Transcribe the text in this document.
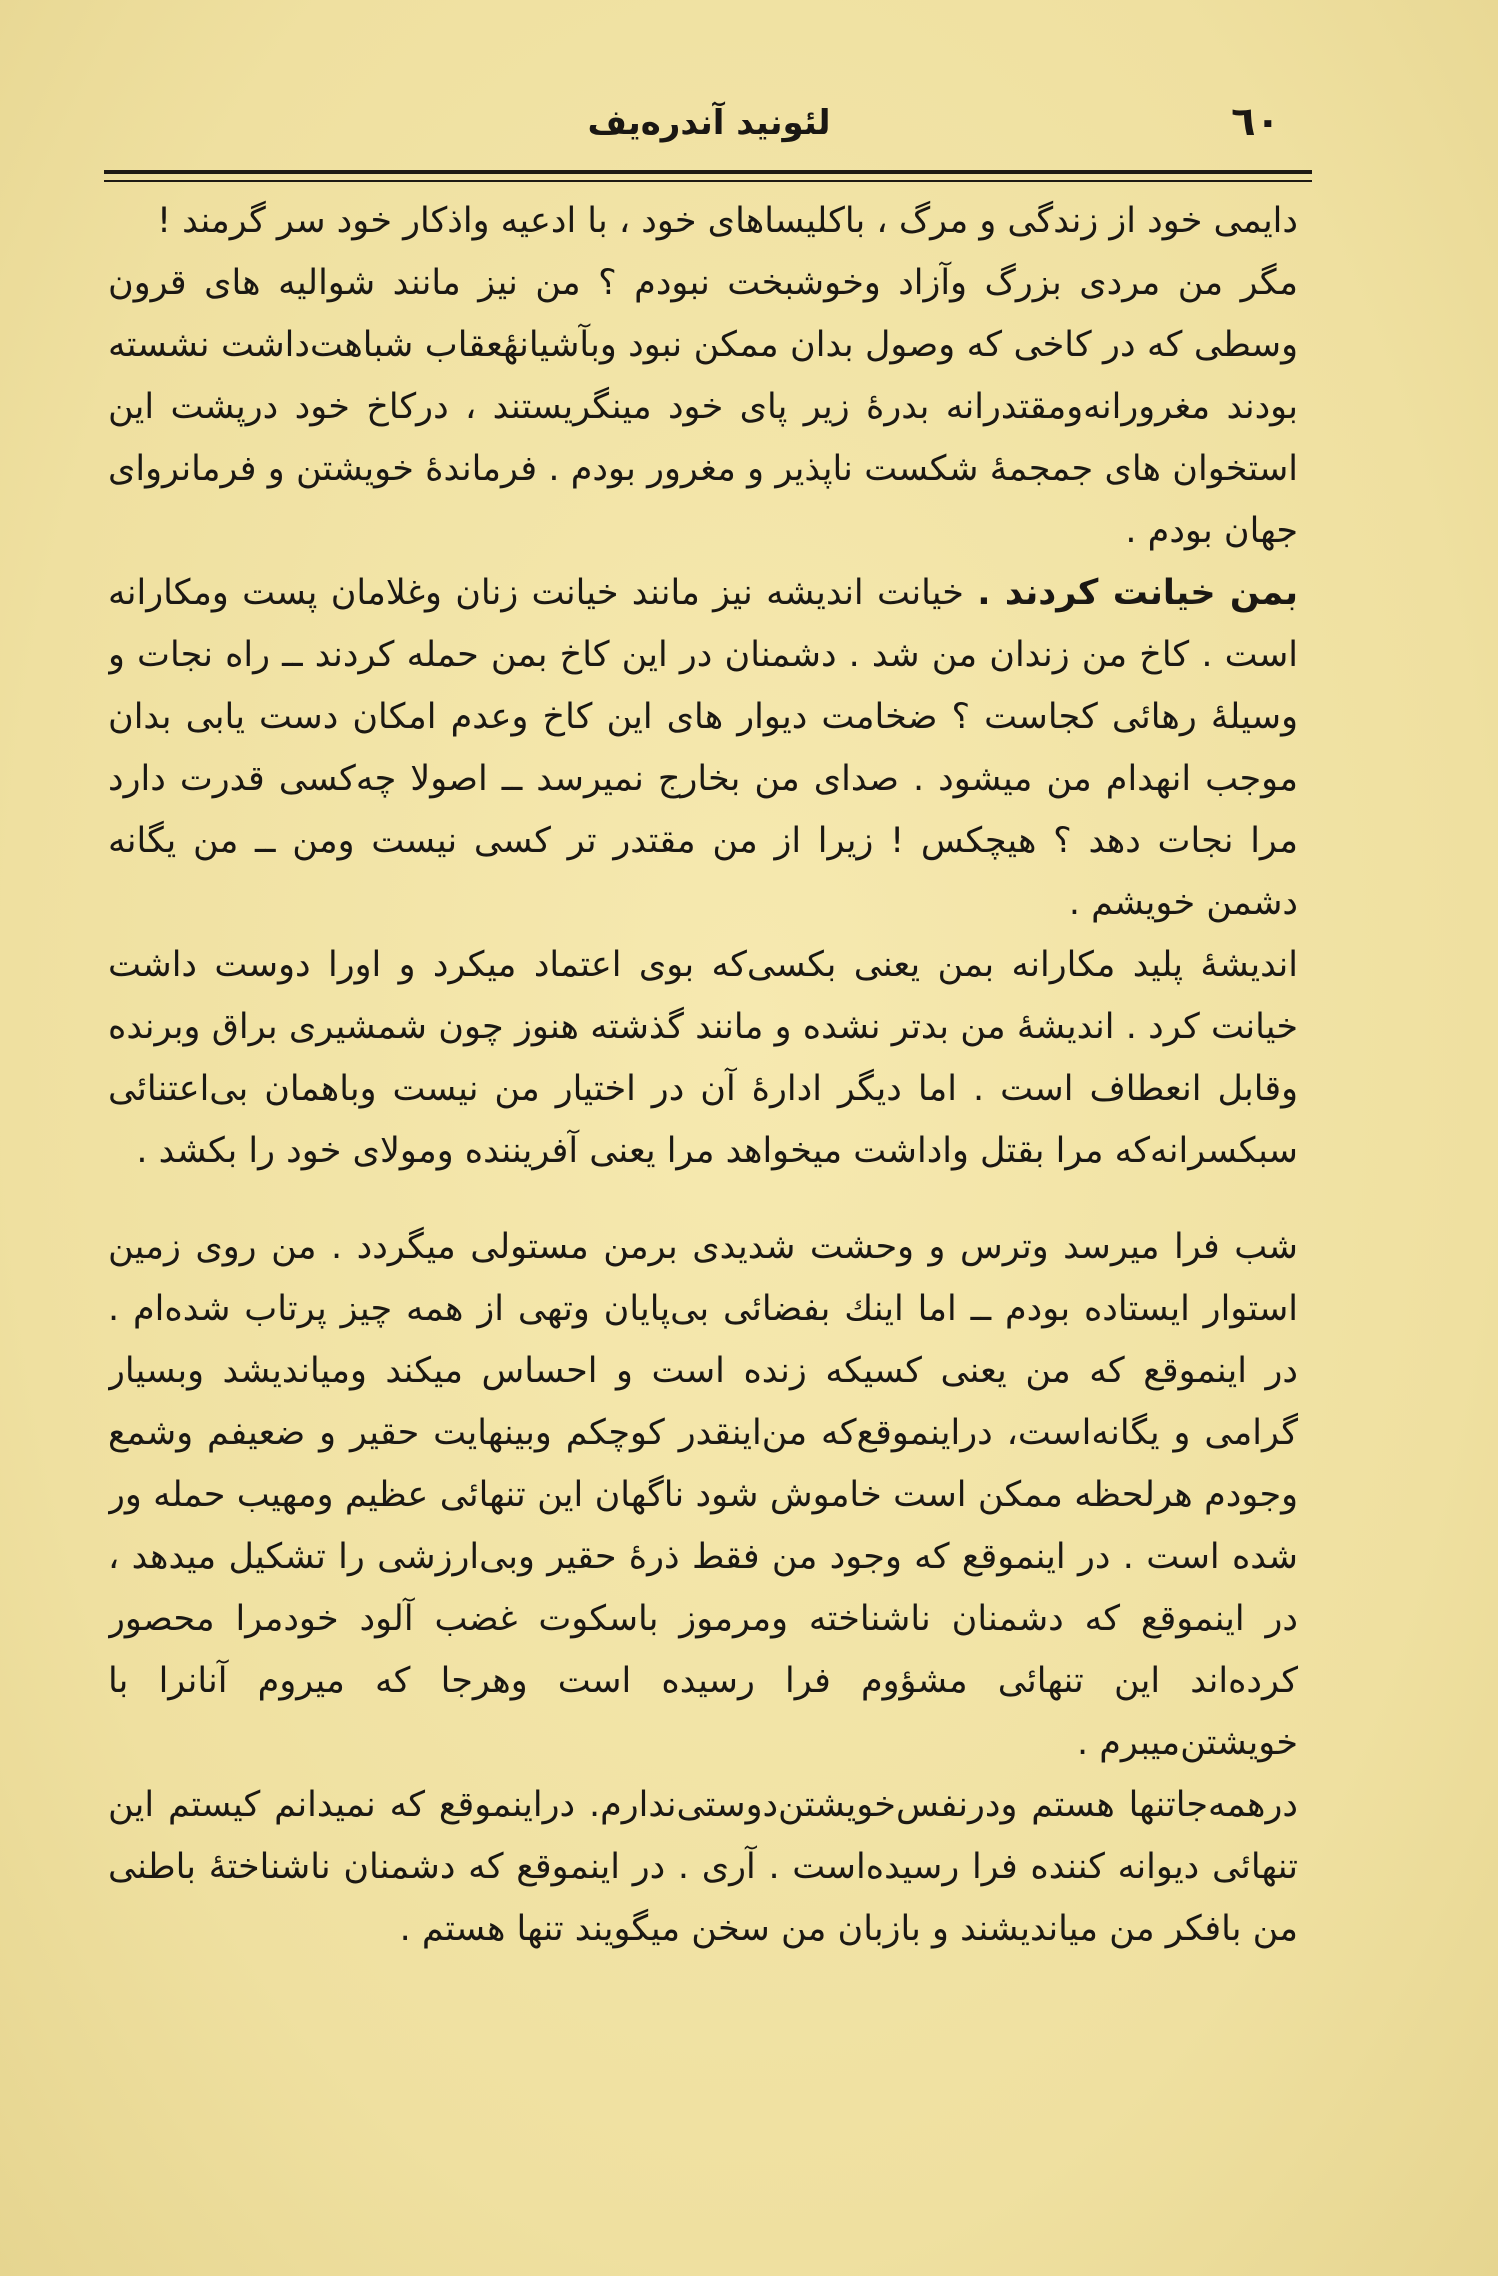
٦٠
لئونید آندره‌یف

دایمی خود از زندگی و مرگ ، باکلیساهای خود ، با ادعیه واذکار خود سر گرمند !

مگر من مردی بزرگ وآزاد وخوشبخت نبودم ؟ من نیز مانند شوالیه های قرون وسطی که در کاخی که وصول بدان ممکن نبود وبآشیانهٔعقاب شباهت‌داشت نشسته بودند مغرورانه‌ومقتدرانه بدرهٔ زیر پای خود مینگریستند ، درکاخ خود درپشت این استخوان های جمجمهٔ شکست ناپذیر و مغرور بودم . فرماندهٔ خویشتن و فرمانروای جهان بودم .

بمن خیانت کردند . خیانت اندیشه نیز مانند خیانت زنان وغلامان پست ومکارانه است . کاخ من زندان من شد . دشمنان در این کاخ بمن حمله کردند ــ راه نجات و وسیلهٔ رهائی کجاست ؟ ضخامت دیوار های این کاخ وعدم امکان دست یابی بدان موجب انهدام من میشود . صدای من بخارج نمیرسد ــ اصولا چه‌کسی قدرت دارد مرا نجات دهد ؟ هیچکس ! زیرا از من مقتدر تر کسی نیست ومن ــ من یگانه دشمن خویشم .

اندیشهٔ پلید مکارانه بمن یعنی بکسی‌که بوی اعتماد میکرد و اورا دوست داشت خیانت کرد . اندیشهٔ من بدتر نشده و مانند گذشته هنوز چون شمشیری براق وبرنده وقابل انعطاف است . اما دیگر ادارهٔ آن در اختیار من نیست وباهمان بی‌اعتنائی سبکسرانه‌که مرا بقتل واداشت میخواهد مرا یعنی آفریننده ومولای خود را بکشد .

شب فرا میرسد وترس و وحشت شدیدی برمن مستولی میگردد . من روی زمین استوار ایستاده بودم ــ اما اینك بفضائی بی‌پایان وتهی از همه چیز پرتاب شده‌ام . در اینموقع که من یعنی کسیکه زنده است و احساس میکند ومیاندیشد وبسیار گرامی و یگانه‌است، دراینموقع‌که من‌اینقدر کوچکم وبینهایت حقیر و ضعیفم وشمع وجودم هرلحظه ممکن است خاموش شود ناگهان این تنهائی عظیم ومهیب حمله ور شده است . در اینموقع که وجود من فقط ذرهٔ حقیر وبی‌ارزشی را تشکیل میدهد ، در اینموقع که دشمنان ناشناخته ومرموز باسکوت غضب آلود خودمرا محصور کرده‌اند این تنهائی مشؤوم فرا رسیده است وهرجا که میروم آنانرا با خویشتن‌میبرم .

درهمه‌جاتنها هستم ودرنفس‌خویشتن‌دوستی‌ندارم. دراینموقع که نمیدانم کیستم این تنهائی دیوانه کننده فرا رسیده‌است . آری . در اینموقع که دشمنان ناشناختهٔ باطنی من بافکر من میاندیشند و بازبان من سخن میگویند تنها هستم .
